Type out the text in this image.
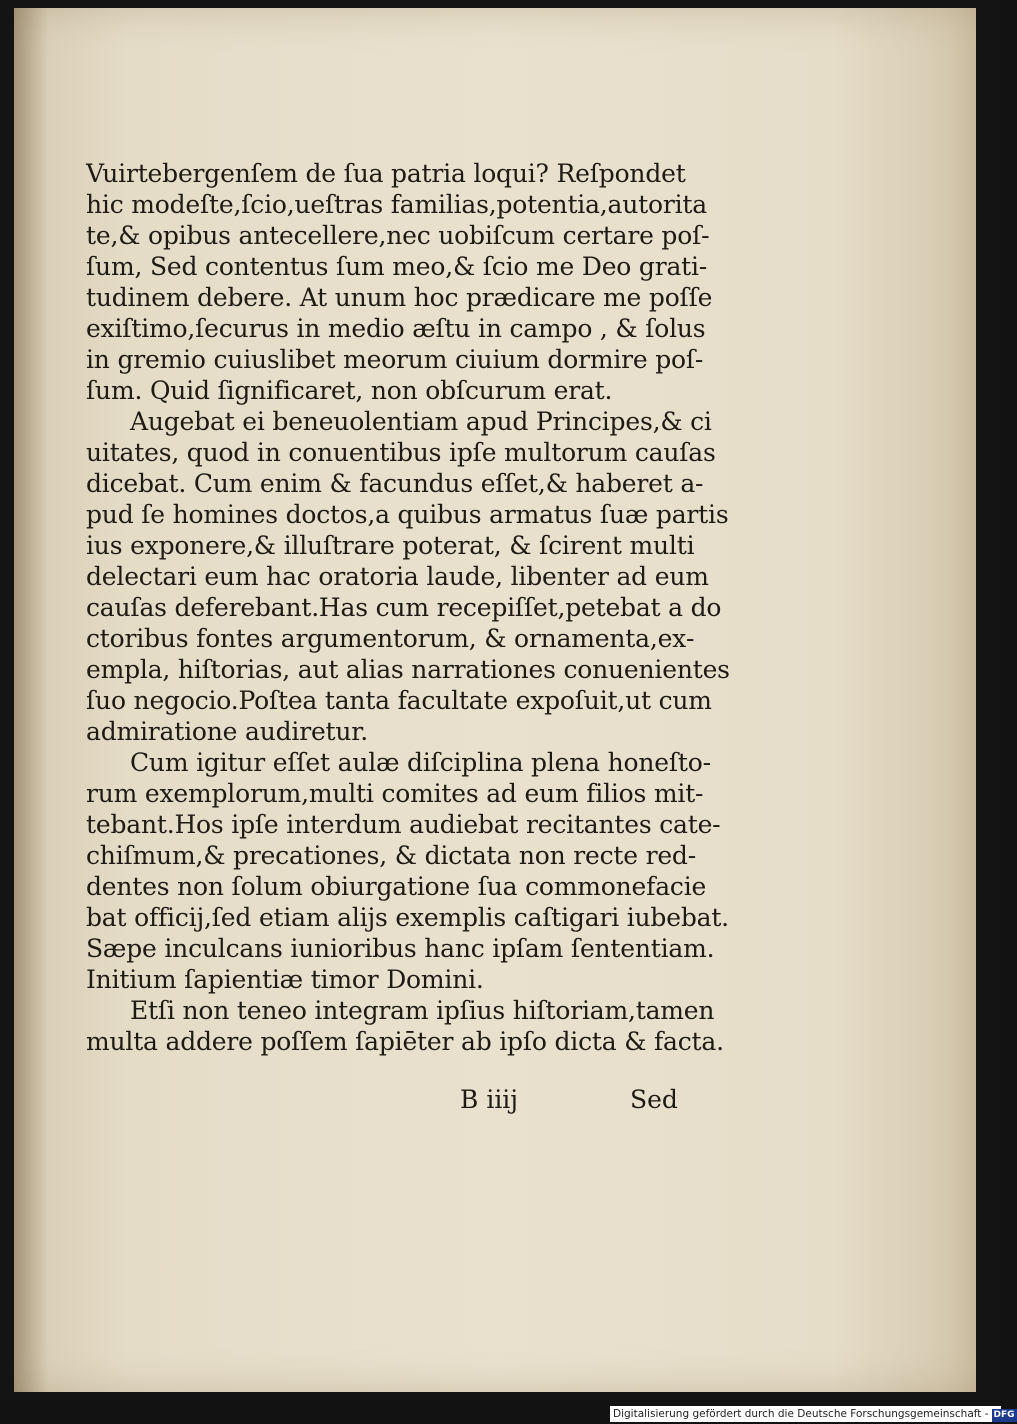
Vuirtebergenſem de ſua patria loqui? Reſpondet
hic modeſte,ſcio,ueſtras familias,potentia,autorita
te,& opibus antecellere,nec uobiſcum certare poſ‑
ſum, Sed contentus ſum meo,& ſcio me Deo grati‑
tudinem debere. At unum hoc prædicare me poſſe
exiſtimo,ſecurus in medio æſtu in campo , & ſolus
in gremio cuiuslibet meorum ciuium dormire poſ‑
ſum. Quid ſignificaret, non obſcurum erat.
Augebat ei beneuolentiam apud Principes,& ci
uitates, quod in conuentibus ipſe multorum cauſas
dicebat. Cum enim & facundus eſſet,& haberet a‑
pud ſe homines doctos,a quibus armatus ſuæ partis
ius exponere,& illuſtrare poterat, & ſcirent multi
delectari eum hac oratoria laude, libenter ad eum
cauſas deferebant.Has cum recepiſſet,petebat a do
ctoribus fontes argumentorum, & ornamenta,ex‑
empla, hiſtorias, aut alias narrationes conuenientes
ſuo negocio.Poſtea tanta facultate expoſuit,ut cum
admiratione audiretur.
Cum igitur eſſet aulæ diſciplina plena honeſto‑
rum exemplorum,multi comites ad eum filios mit‑
tebant.Hos ipſe interdum audiebat recitantes cate‑
chiſmum,& precationes, & dictata non recte red‑
dentes non ſolum obiurgatione ſua commonefacie
bat officij,ſed etiam alijs exemplis caſtigari iubebat.
Sæpe inculcans iunioribus hanc ipſam ſententiam.
Initium ſapientiæ timor Domini.
Etſi non teneo integram ipſius hiſtoriam,tamen
multa addere poſſem ſapiēter ab ipſo dicta & facta.
B iiij	Sed
Digitalisierung gefördert durch die Deutsche Forschungsgemeinschaft - DFG
